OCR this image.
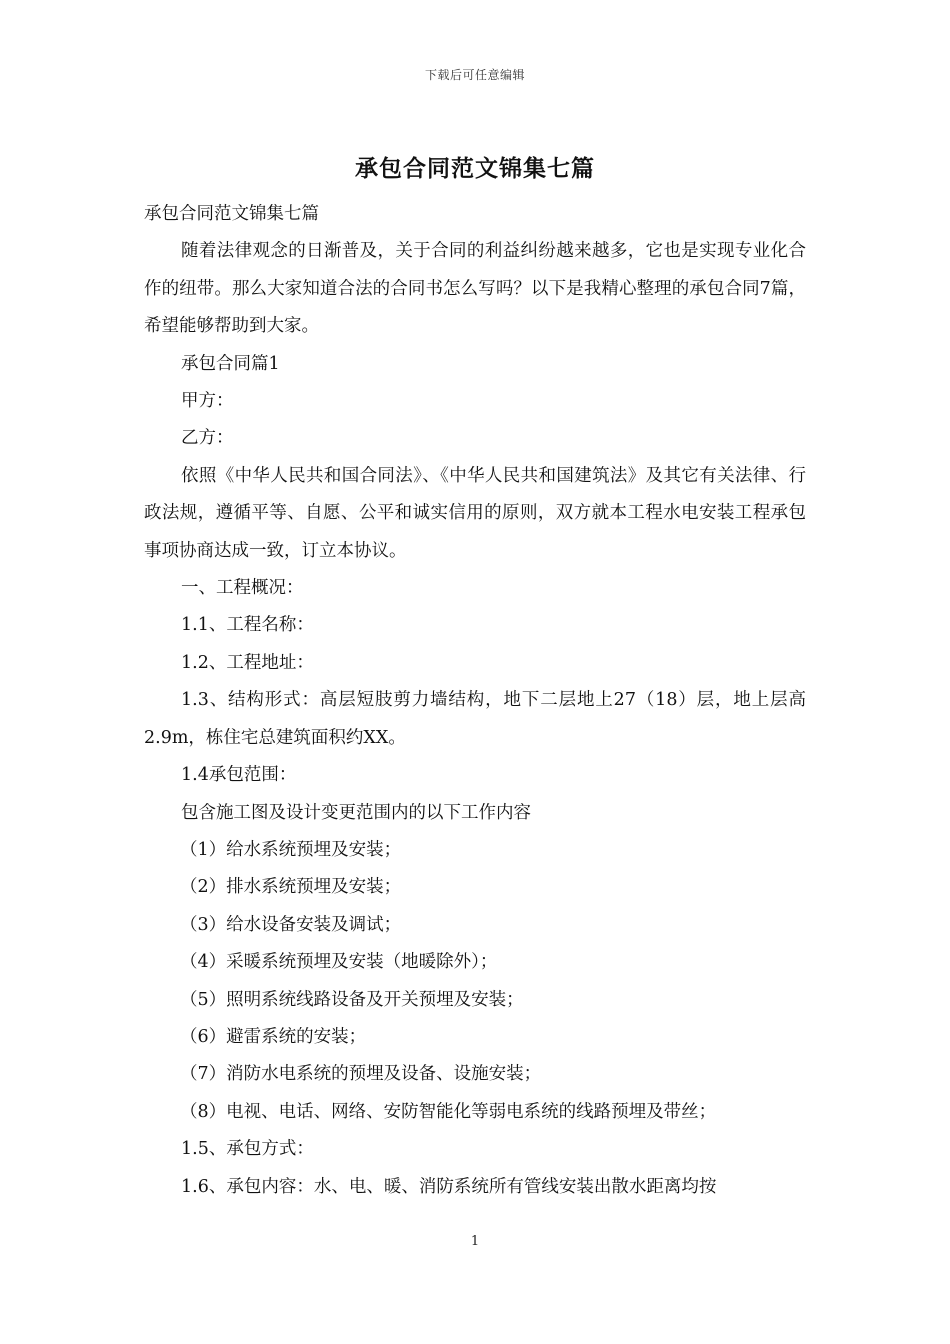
下载后可任意编辑
承包合同范文锦集七篇

承包合同范文锦集七篇

随着法律观念的日渐普及，关于合同的利益纠纷越来越多，它也是实现专业化合作的纽带。那么大家知道合法的合同书怎么写吗？以下是我精心整理的承包合同7篇，希望能够帮助到大家。

承包合同篇1

甲方：

乙方：

依照《中华人民共和国合同法》、《中华人民共和国建筑法》及其它有关法律、行政法规，遵循平等、自愿、公平和诚实信用的原则，双方就本工程水电安装工程承包事项协商达成一致，订立本协议。

一、工程概况：

1.1、工程名称：

1.2、工程地址：

1.3、结构形式：高层短肢剪力墙结构，地下二层地上27（18）层，地上层高2.9m，栋住宅总建筑面积约XX。

1.4承包范围：

包含施工图及设计变更范围内的以下工作内容

（1）给水系统预埋及安装；

（2）排水系统预埋及安装；

（3）给水设备安装及调试；

（4）采暖系统预埋及安装（地暖除外）；

（5）照明系统线路设备及开关预埋及安装；

（6）避雷系统的安装；

（7）消防水电系统的预埋及设备、设施安装；

（8）电视、电话、网络、安防智能化等弱电系统的线路预埋及带丝；

1.5、承包方式：

1.6、承包内容：水、电、暖、消防系统所有管线安装出散水距离均按

1
